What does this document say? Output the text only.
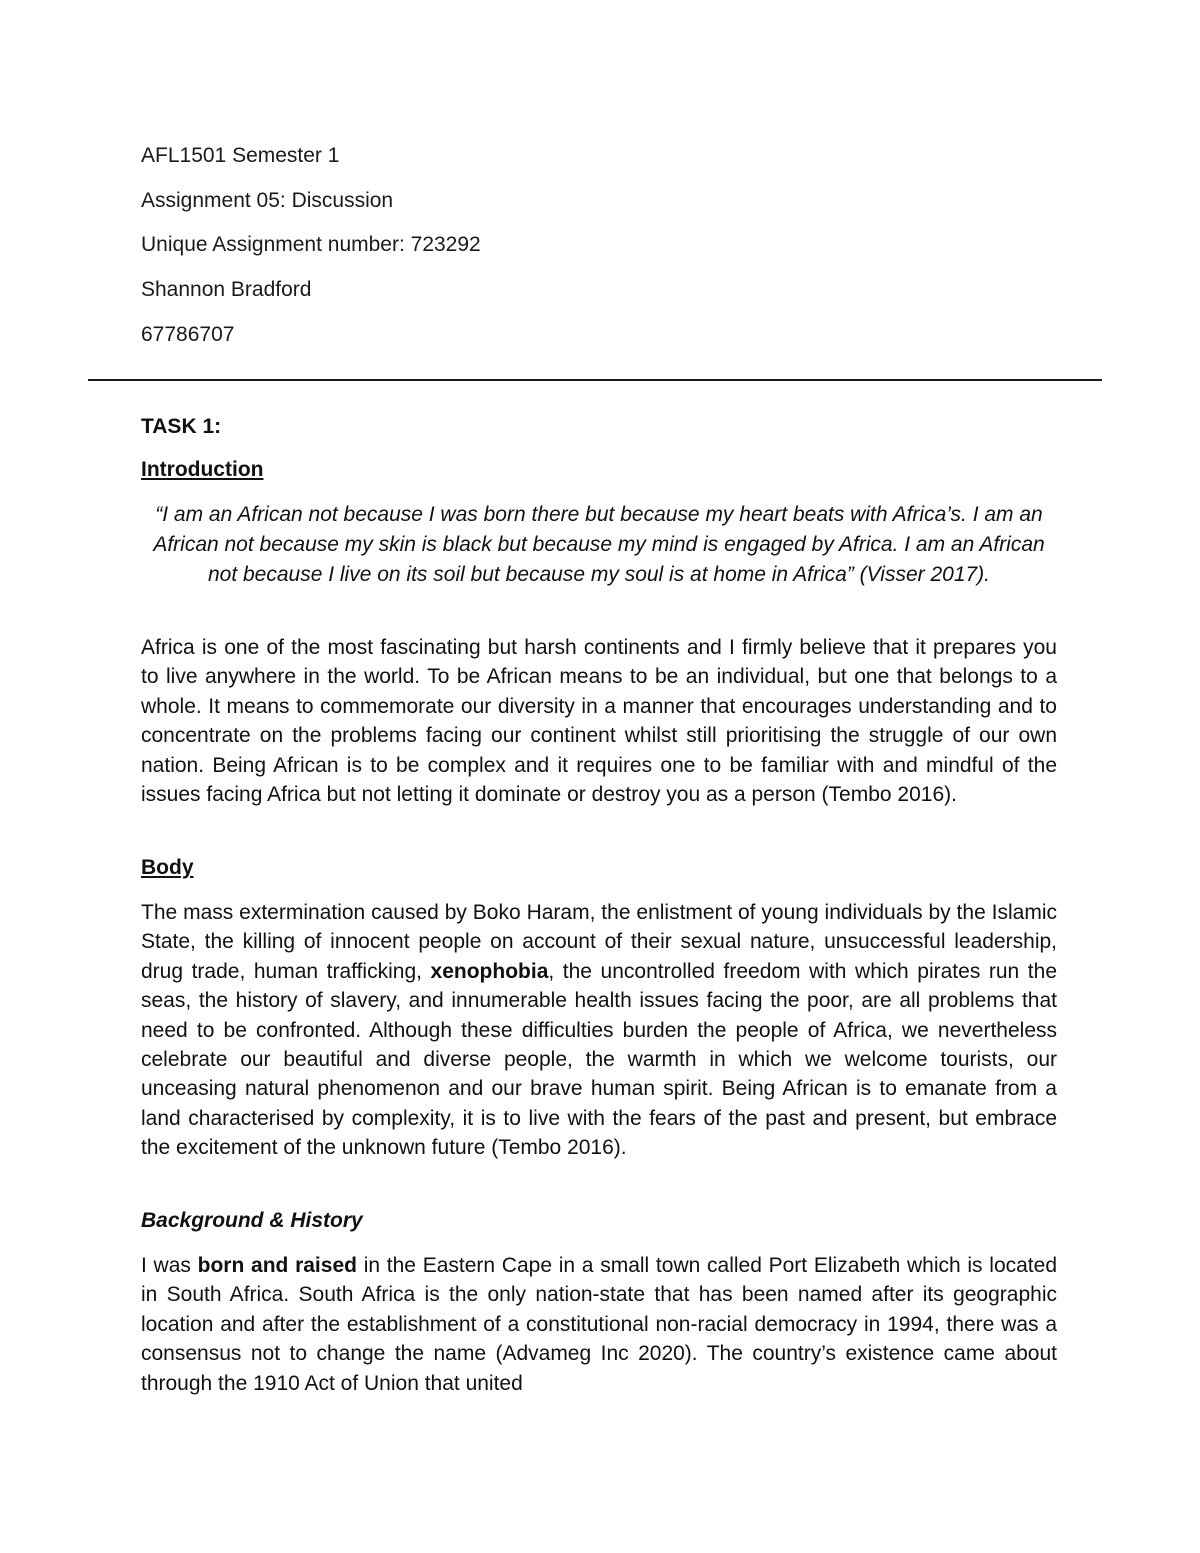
AFL1501 Semester 1
Assignment 05: Discussion
Unique Assignment number: 723292
Shannon Bradford
67786707
TASK 1:
Introduction
“I am an African not because I was born there but because my heart beats with Africa’s. I am an African not because my skin is black but because my mind is engaged by Africa. I am an African not because I live on its soil but because my soul is at home in Africa” (Visser 2017).
Africa is one of the most fascinating but harsh continents and I firmly believe that it prepares you to live anywhere in the world. To be African means to be an individual, but one that belongs to a whole. It means to commemorate our diversity in a manner that encourages understanding and to concentrate on the problems facing our continent whilst still prioritising the struggle of our own nation. Being African is to be complex and it requires one to be familiar with and mindful of the issues facing Africa but not letting it dominate or destroy you as a person (Tembo 2016).
Body
The mass extermination caused by Boko Haram, the enlistment of young individuals by the Islamic State, the killing of innocent people on account of their sexual nature, unsuccessful leadership, drug trade, human trafficking, xenophobia, the uncontrolled freedom with which pirates run the seas, the history of slavery, and innumerable health issues facing the poor, are all problems that need to be confronted. Although these difficulties burden the people of Africa, we nevertheless celebrate our beautiful and diverse people, the warmth in which we welcome tourists, our unceasing natural phenomenon and our brave human spirit. Being African is to emanate from a land characterised by complexity, it is to live with the fears of the past and present, but embrace the excitement of the unknown future (Tembo 2016).
Background & History
I was born and raised in the Eastern Cape in a small town called Port Elizabeth which is located in South Africa. South Africa is the only nation-state that has been named after its geographic location and after the establishment of a constitutional non-racial democracy in 1994, there was a consensus not to change the name (Advameg Inc 2020). The country’s existence came about through the 1910 Act of Union that united
